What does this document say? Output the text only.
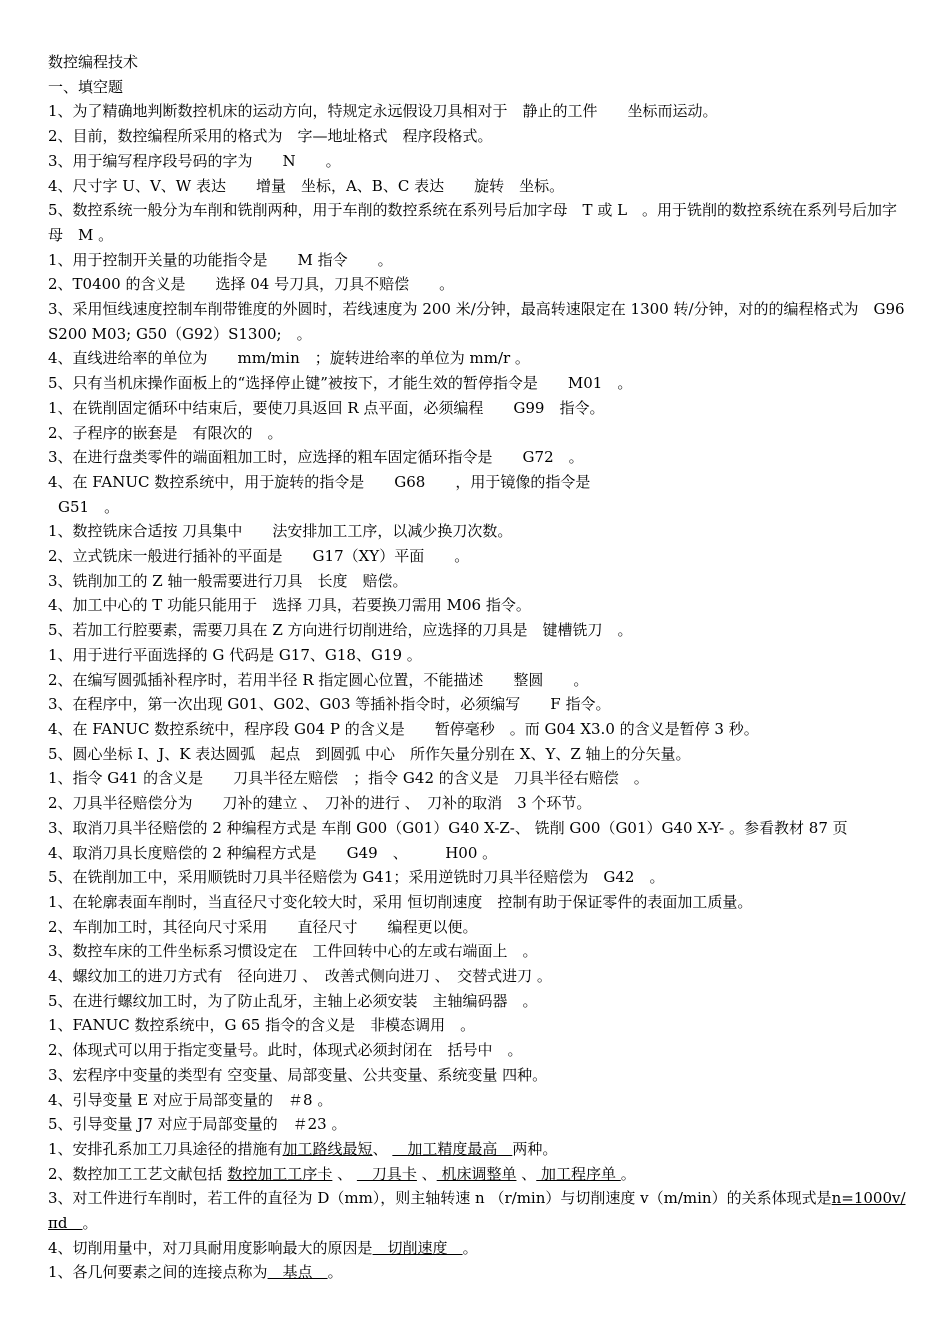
数控编程技术
一、填空题
1、为了精确地判断数控机床的运动方向，特规定永远假设刀具相对于　静止的工件　　坐标而运动。
2、目前，数控编程所采用的格式为　字—地址格式　程序段格式。
3、用于编写程序段号码的字为　　N　　。
4、尺寸字 U、V、W 表达　　增量　坐标，A、B、C 表达　　旋转　坐标。
5、数控系统一般分为车削和铣削两种，用于车削的数控系统在系列号后加字母　T 或 L　。用于铣削的数控系统在系列号后加字母　M 。
1、用于控制开关量的功能指令是　　M 指令　　。
2、T0400 的含义是　　选择 04 号刀具，刀具不赔偿　　。
3、采用恒线速度控制车削带锥度的外圆时，若线速度为 200 米/分钟，最高转速限定在 1300 转/分钟，对的的编程格式为　G96 S200 M03; G50（G92）S1300;　。
4、直线进给率的单位为　　mm/min　；旋转进给率的单位为 mm/r 。
5、只有当机床操作面板上的“选择停止键”被按下，才能生效的暂停指令是　　M01　。
1、在铣削固定循环中结束后，要使刀具返回 R 点平面，必须编程　　G99　指令。
2、子程序的嵌套是　有限次的　。
3、在进行盘类零件的端面粗加工时，应选择的粗车固定循环指令是　　G72　。
4、在 FANUC 数控系统中，用于旋转的指令是　　G68　　，用于镜像的指令是
G51　。
1、数控铣床合适按 刀具集中　　法安排加工工序，以减少换刀次数。
2、立式铣床一般进行插补的平面是　　G17（XY）平面　　。
3、铣削加工的 Z 轴一般需要进行刀具　长度　赔偿。
4、加工中心的 T 功能只能用于　选择 刀具，若要换刀需用 M06 指令。
5、若加工行腔要素，需要刀具在 Z 方向进行切削进给，应选择的刀具是　键槽铣刀　。
1、用于进行平面选择的 G 代码是 G17、G18、G19 。
2、在编写圆弧插补程序时，若用半径 R 指定圆心位置，不能描述　　整圆　　。
3、在程序中，第一次出现 G01、G02、G03 等插补指令时，必须编写　　F 指令。
4、在 FANUC 数控系统中，程序段 G04 P 的含义是　　暂停毫秒　。而 G04 X3.0 的含义是暂停 3 秒。
5、圆心坐标 I、J、K 表达圆弧　起点　到圆弧 中心　所作矢量分别在 X、Y、Z 轴上的分矢量。
1、指令 G41 的含义是　　刀具半径左赔偿　；指令 G42 的含义是　刀具半径右赔偿　。
2、刀具半径赔偿分为　　刀补的建立 、　刀补的进行 、　刀补的取消　3 个环节。
3、取消刀具半径赔偿的 2 种编程方式是 车削 G00（G01）G40 X-Z-、 铣削 G00（G01）G40 X-Y- 。参看教材 87 页
4、取消刀具长度赔偿的 2 种编程方式是　　G49　、　　　H00 。
5、在铣削加工中，采用顺铣时刀具半径赔偿为 G41；采用逆铣时刀具半径赔偿为　G42　。
1、在轮廓表面车削时，当直径尺寸变化较大时，采用 恒切削速度　控制有助于保证零件的表面加工质量。
2、车削加工时，其径向尺寸采用　　直径尺寸　　编程更以便。
3、数控车床的工件坐标系习惯设定在　工件回转中心的左或右端面上　。
4、螺纹加工的进刀方式有　径向进刀 、　改善式侧向进刀 、　交替式进刀 。
5、在进行螺纹加工时，为了防止乱牙，主轴上必须安装　主轴编码器　。
1、FANUC 数控系统中，G 65 指令的含义是　非模态调用　。
2、体现式可以用于指定变量号。此时，体现式必须封闭在　括号中　。
3、宏程序中变量的类型有 空变量、局部变量、公共变量、系统变量 四种。
4、引导变量 E 对应于局部变量的　＃8 。
5、引导变量 J7 对应于局部变量的　＃23 。
1、安排孔系加工刀具途径的措施有加工路线最短、 　加工精度最高　两种。
2、数控加工工艺文献包括 数控加工工序卡 、 　刀具卡 、 机床调整单 、 加工程序单 。
3、对工件进行车削时，若工件的直径为 D（mm），则主轴转速 n （r/min）与切削速度 v（m/min）的关系体现式是n=1000v/πd　。
4、切削用量中，对刀具耐用度影响最大的原因是　切削速度　。
1、各几何要素之间的连接点称为　基点　。
